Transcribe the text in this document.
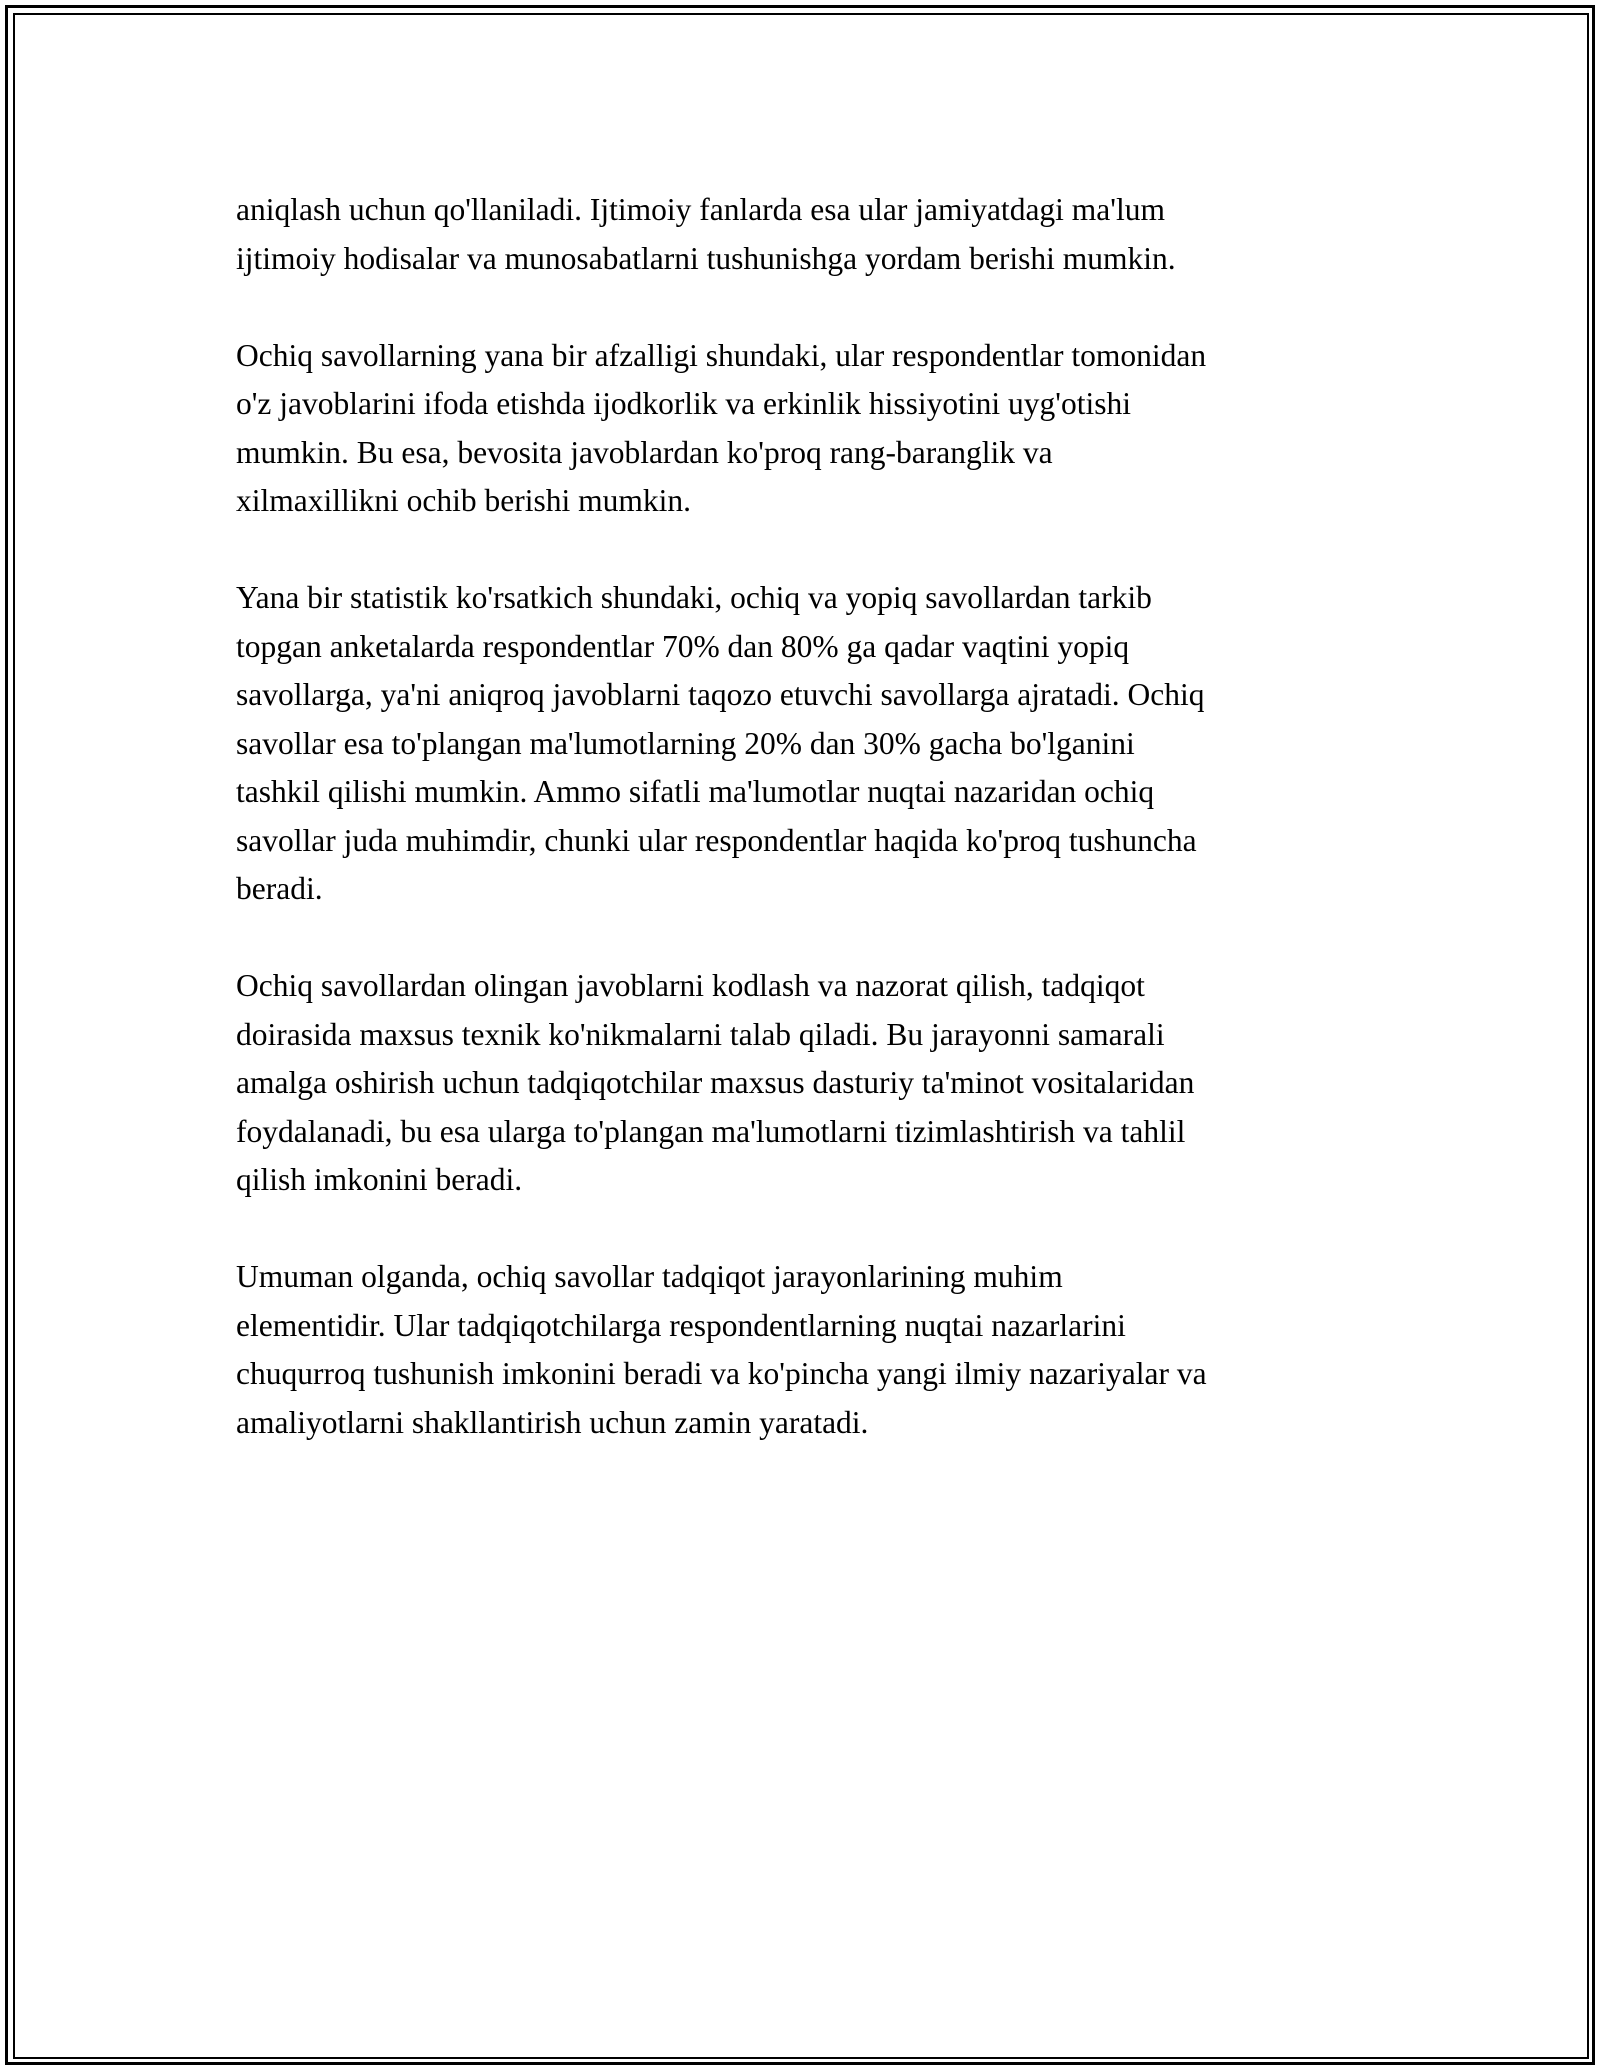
aniqlash uchun qo'llaniladi. Ijtimoiy fanlarda esa ular jamiyatdagi ma'lum
ijtimoiy hodisalar va munosabatlarni tushunishga yordam berishi mumkin.

Ochiq savollarning yana bir afzalligi shundaki, ular respondentlar tomonidan
o'z javoblarini ifoda etishda ijodkorlik va erkinlik hissiyotini uyg'otishi
mumkin. Bu esa, bevosita javoblardan ko'proq rang-baranglik va
xilmaxillikni ochib berishi mumkin.

Yana bir statistik ko'rsatkich shundaki, ochiq va yopiq savollardan tarkib
topgan anketalarda respondentlar 70% dan 80% ga qadar vaqtini yopiq
savollarga, ya'ni aniqroq javoblarni taqozo etuvchi savollarga ajratadi. Ochiq
savollar esa to'plangan ma'lumotlarning 20% dan 30% gacha bo'lganini
tashkil qilishi mumkin. Ammo sifatli ma'lumotlar nuqtai nazaridan ochiq
savollar juda muhimdir, chunki ular respondentlar haqida ko'proq tushuncha
beradi.

Ochiq savollardan olingan javoblarni kodlash va nazorat qilish, tadqiqot
doirasida maxsus texnik ko'nikmalarni talab qiladi. Bu jarayonni samarali
amalga oshirish uchun tadqiqotchilar maxsus dasturiy ta'minot vositalaridan
foydalanadi, bu esa ularga to'plangan ma'lumotlarni tizimlashtirish va tahlil
qilish imkonini beradi.

Umuman olganda, ochiq savollar tadqiqot jarayonlarining muhim
elementidir. Ular tadqiqotchilarga respondentlarning nuqtai nazarlarini
chuqurroq tushunish imkonini beradi va ko'pincha yangi ilmiy nazariyalar va
amaliyotlarni shakllantirish uchun zamin yaratadi.
